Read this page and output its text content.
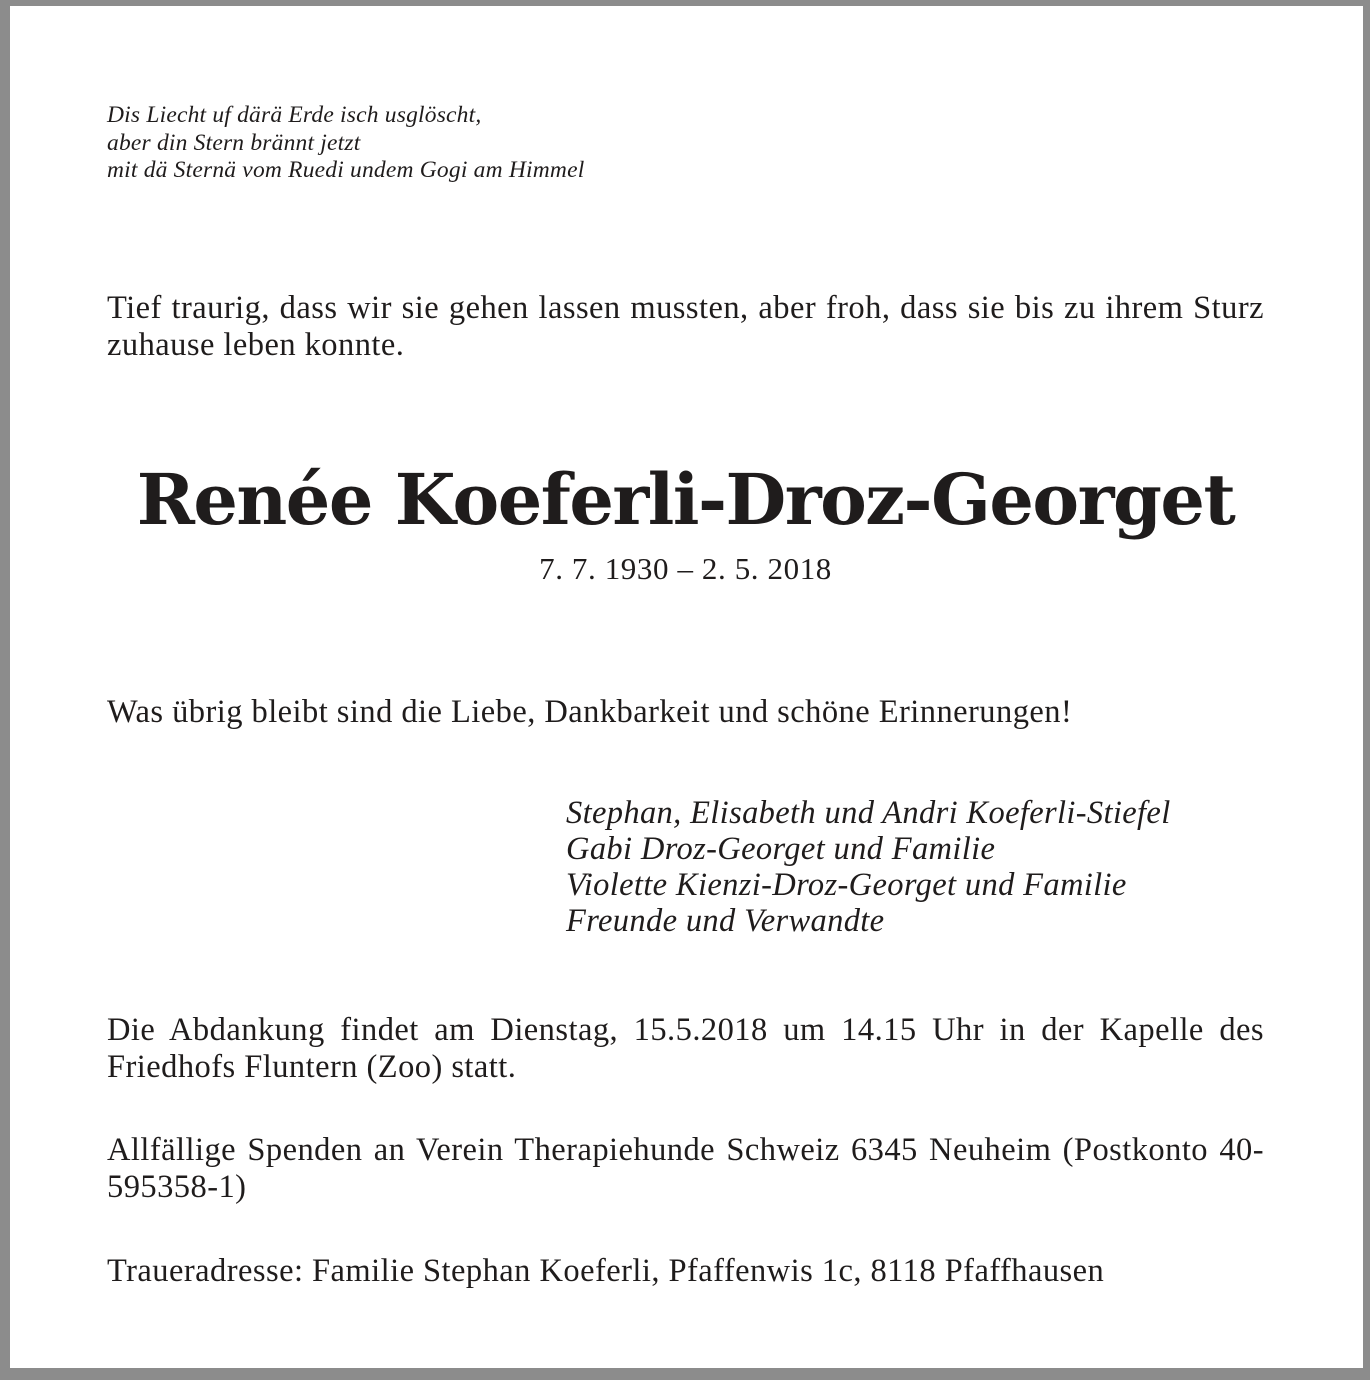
Dis Liecht uf därä Erde isch usglöscht,
aber din Stern brännt jetzt
mit dä Sternä vom Ruedi undem Gogi am Himmel
Tief traurig, dass wir sie gehen lassen mussten, aber froh, dass sie bis zu ihrem Sturz zuhause leben konnte.
Renée Koeferli-Droz-Georget
7. 7. 1930 – 2. 5. 2018
Was übrig bleibt sind die Liebe, Dankbarkeit und schöne Erinnerungen!
Stephan, Elisabeth und Andri Koeferli-Stiefel
Gabi Droz-Georget und Familie
Violette Kienzi-Droz-Georget und Familie
Freunde und Verwandte
Die Abdankung findet am Dienstag, 15.5.2018 um 14.15 Uhr in der Kapelle des Friedhofs Fluntern (Zoo) statt.
Allfällige Spenden an Verein Therapiehunde Schweiz 6345 Neuheim (Postkonto 40-595358-1)
Traueradresse: Familie Stephan Koeferli, Pfaffenwis 1c, 8118 Pfaffhausen
